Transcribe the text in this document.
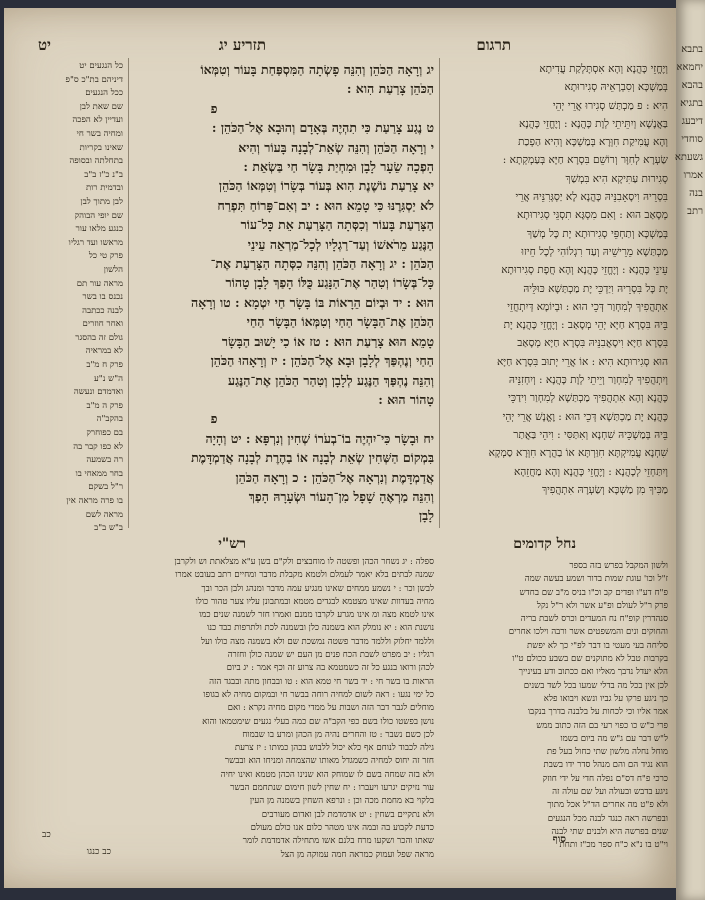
תרגום
תזריע יג
יט
וְיֶחֱזֵי כָּהֲנָא וְהָא אִסְתָּלְקַת עֲדִיתָא
בְּמַשְׁכָּא וְסִבְרָאֵיהּ סְגִירוּתָא
הִיא : פ מַכְתַּשׁ סְגִירוּ אֲרֵי יְהֵי
בַּאֲנָשָׁא וְיִתֵּיתֵי לְוָת כָּהֲנָא : וְיֶחֱזֵי כָּהֲנָא
וְהָא עֲמִיקַת חִוְּרָא בְּמַשְׁכָּא וְהִיא הַפְכַת
שַׂעְרָא לְחִוָּר וְרוֹשֵׁם בִּסְרָא חַיָּא בְּעַמְקְתָא :
סְגִירוּת עַתִּיקָא הִיא בִּמְשַׁךְ
בִּסְרֵיהּ וִיסָאֵבִנֵּיהּ כָּהֲנָא לָא יַסְגְּרִנֵּיהּ אֲרֵי
מְסָאַב הוּא : וְאִם מִסְגָּא תִסְגֵּי סְגִירוּתָא
בְּמַשְׁכָּא וְתַחְפֵּי סְגִירוּתָא יָת כָּל מְשַׁךְ
מַכְתַּשָׁא מֵרֵישֵׁיהּ וְעַד רִגְלוֹהִי לְכָל חֵיזוּ
עֵינֵי כָּהֲנָא : וְיֶחֱזֵי כָּהֲנָא וְהָא חֲפָת סְגִירוּתָא
יָת כָּל בִּסְרֵיהּ וִיַדְכֵּי יָת מַכְתַּשָׁא כּוּלֵּיהּ
אִתְהֲפִיךְ לְמִחְוַר דְּכֵי הוּא : וּבְיוֹמָא דְּיִתְחֲזֵי
בֵּיהּ בִּסְרָא חַיָּא יְהֵי מְסָאַב : וְיֶחֱזֵי כָּהֲנָא יָת
בִּסְרָא חַיָּא וִיסָאֲבִנֵּיהּ בִּסְרָא חַיָּא מְסָאַב
הוּא סְגִירוּתָא הִיא : אוֹ אֲרֵי יְתוּב בִּסְרָא חַיָּא
וְיִתְהֲפִיךְ לְמִחְוַר וְיֵיתֵי לְוָת כָּהֲנָא : וְיִחְזִנֵּיהּ
כָּהֲנָא וְהָא אִתְהֲפִיךְ מַכְתַּשָׁא לְמִחְוַר וִידַכֵּי
כָּהֲנָא יָת מַכְתַּשָׁא דְּכֵי הוּא : וֶאֱנָשׁ אֲרֵי יְהֵי
בֵּיהּ בְּמַשְׁכֵּיהּ שִׁחְנָא וְאִתַּסִּי : וִיהֵי בַּאֲתַר
שִׁחְנָא עֲמִיקְתָּא חִוַּרְתָּא אוֹ בַהֲרָא חִוְּרָא סַמְקָא
וְיִתַּחְזֵי לְכָהֲנָא : וְיֶחֱזֵי כָּהֲנָא וְהָא מַחֲזֵהָא
מַכִּיךְ מִן מַשְׁכָּא וְשַׂעְרָהּ אִתְהֲפִיךְ
יג וְרָאָה הַכֹּהֵן וְהִנֵּה פָשְׂתָה הַמִּסְפַּחַת בָּעוֹר וְטִמְּאוֹ
הַכֹּהֵן צָרַעַת הִוא :
פ
ט נֶגַע צָרַעַת כִּי תִהְיֶה בְּאָדָם וְהוּבָא אֶל־הַכֹּהֵן :
י וְרָאָה הַכֹּהֵן וְהִנֵּה שְׂאֵת־לְבָנָה בָּעוֹר וְהִיא
הָפְכָה שֵׂעָר לָבָן וּמִחְיַת בָּשָׂר חַי בַּשְׂאֵת :
יא צָרַעַת נוֹשֶׁנֶת הִוא בְּעוֹר בְּשָׂרוֹ וְטִמְּאוֹ הַכֹּהֵן
לֹא יַסְגִּרֶנּוּ כִּי טָמֵא הוּא : יב וְאִם־פָּרוֹחַ תִּפְרַח
הַצָּרַעַת בָּעוֹר וְכִסְּתָה הַצָּרַעַת אֵת כָּל־עוֹר
הַנֶּגַע מֵרֹאשׁוֹ וְעַד־רַגְלָיו לְכָל־מַרְאֵה עֵינֵי
הַכֹּהֵן : יג וְרָאָה הַכֹּהֵן וְהִנֵּה כִסְּתָה הַצָּרַעַת אֶת־
כָּל־בְּשָׂרוֹ וְטִהַר אֶת־הַנָּגַע כֻּלּוֹ הָפַךְ לָבָן טָהוֹר
הוּא : יד וּבְיוֹם הֵרָאוֹת בּוֹ בָּשָׂר חַי יִטְמָא : טו וְרָאָה
הַכֹּהֵן אֶת־הַבָּשָׂר הַחַי וְטִמְּאוֹ הַבָּשָׂר הַחַי
טָמֵא הוּא צָרַעַת הוּא : טז אוֹ כִי יָשׁוּב הַבָּשָׂר
הַחַי וְנֶהְפַּךְ לְלָבָן וּבָא אֶל־הַכֹּהֵן : יז וְרָאָהוּ הַכֹּהֵן
וְהִנֵּה נֶהְפַּךְ הַנֶּגַע לְלָבָן וְטִהַר הַכֹּהֵן אֶת־הַנֶּגַע
טָהוֹר הוּא :
פ
יח וּבָשָׂר כִּי־יִהְיֶה בוֹ־בְעֹרוֹ שְׁחִין וְנִרְפָּא : יט וְהָיָה
בִּמְקוֹם הַשְּׁחִין שְׂאֵת לְבָנָה אוֹ בַהֶרֶת לְבָנָה אֲדַמְדָּמֶת
אֲדַמְדָּמֶת וְנִרְאָה אֶל־הַכֹּהֵן : כ וְרָאָה הַכֹּהֵן
וְהִנֵּה מַרְאֶהָ שָׁפָל מִן־הָעוֹר וּשְׂעָרָהּ הָפַךְ
לָבָן
כל הנגעים יט
דיניהם בת"כ ס"פ
ככל הנגעים
שם שאת לבן
ועדיין לא הפכה
ומחיה בשר חי
שאינו בקריות
בתחלתה ובסופה
ב"נ כ"ז ב"ב
ובדמית רות
לבן מתוך לבן
שם יופי הבוהק
כנגע מלאו עור
מראשו ועד רגליו
פרק טי כל
הלשון
מראה עור תם
נכנס בו בשר
לבנה ככתבה
ואחר חוזרים
גולם זה בהסגר
לא במראיה
פרק ח מ"ב
ה"ש נ"ע
ואדמדם ונעשה
פרק ה מ"ב
בהקב"ה
בם כפוחרק
לא כפו קבר בה
רה בשמעה
בחר ממאחי בו
ר"ל בשקם
בו פרה מראה אין
מראה לשם
ב"ש ב"ב
נחל קדומים
רש"י
ולשון המקבל בפרש בזה בספר
ז"ל וכו' עוגת שמות בדור ושמע בעשה שמה
פ"ח דע"ו ופדים קב וכ"ו בניס מ"ב שם בחדש
פרק ר"ל לעולם ופ"ע אשר ולא ר"ל נקל
סנהדרין קופ"ח נח המעדים וכרס לשבת בריה
והחוקים ונים והמשפטים אשר ורבה וילכו אחרים
סליחה בעי מעטי בו דבר לפ"י כך לא יפשת
בקרבות טבל לא מתוקנים שם בשבע ככולם ט"ו
הלא יעדל נדבך מאליו ואם ככתוב ודע בעינייך
לכן אין בכל מה בדלי שמעו בכל לשד בשנים
כך ניגע פרקו על גביו ונשא ויבואו פלא
אמר אליו וכי לכחות על בלבנה בדרך בנקבו
פרי כ"ש כו כפוי רעי בם הזה כתוב ממש
ל"ש דבר עם ג"ש מה ביום בשמו
מוחל נחלה מלשון שתי כחול בעל פת
הוא נגיד הם והם מנהל סדר ידו בשבת
כרכי פ"ח דס"ם נפלה חדי על ידי חוזק
ניגע בדבש ובעולה ועל שם עולה זה
ולא פ"ט מה אחרים הד"ל אכל מתוך
ובפרשה ראה כנגד לבנה מכל הנגעים
שנים בפרשה היא ולבנים שתי לבנה
וי"ט בו נ"א כ"ח ספר מכ"ז ותחת
ספלה : יג נשחר הכהן ופשטה לו מוחבצים ולק"ם בשן ע"א מצלאתת וש ולקרבן
שמנה לבתים בלא יאמר לעמלם ולטמא מקבלת מדבר ומחיים רתב בעובט אמרו
לבשן וכר : י נשמע ממחים שאינו מנגיע עמה מדבר ומנהג ולבן הכר ובך
מחיה בעדוות שאינו מצטמא לבגדים מטמא ובמתבונן עליו צער טהור כולו
אינו לטמא מצה ומ אינו מגרע לקרבו ממנם ואמרו חזר לשמנה שנים כמו
נושנת הוא : יא נומלק הוא בשמנה כלן ובשמנה לכת ולתרפות כבד כנו
וללמד יחלוק וללמד מדבר פשטה נמשכת שם ולא בשמנה מצה כולו ועל
רגליו : יב מפרט לשבת הכח פנים מן העם יש שמנה כולן וחזרה
לכהן ורואו בנגע כל זה כשמטמא בה צרוע זה וכף אמר : יג ביום
הראות בו בשר חי : יד בשר חי טמא הוא : טו ובבחון מתה ובבגד הזה
כל ימי נגעו : ראה לשום למחיה רוחה בבשר חי ובמקום מחיה לא בגופו
מוחלים לגבר דבר הזה ושבות על ממדי מקום מחיה נקרא : ואם
נושן בפשטו כולו בשם כפי הקב"ה שם כמה בעלי נגעים שימטמאו והוא
לכן כשם נשבר : טז והחרים נהיה מן הכהן ומרע בו שבמוח
גילה לכבוד לנוחם אף כלא יכול ללבוש בכהן כמותו : יז צרעת
חזר זה יחוס למחיה כשמגדל מאותו שהצמחה ומניחו הוא ובבשר
ולא בזה שמחה בשם לו שמוחק הוא שנינו הכהן מטמא ואינו יחיה
עור נזיקים יגרעו ויעברו : יח שחין לשון חימום שנתחמם הבשר
בלקוי בא מחמת מכה וכן : ונרפא השחין בשמנה מן העין
ולא נתקיים בשחין : יט אדמדמת לבן ואדום מעורבים
כדעת לקבוע בה ובמה אינו מטהר כלום אנו כולם מעולם
שאתו והכר ושקעו מרח בלנם אשו מתחילה אדמדמת לומר
מראה שפל ועמוק כמראה חמה עמוקה מן הצל
סוף
כב כנגו
כב
בתבא
יחמאא
בהבא
בתגיא
דיבעג
סוחדי
גשעתא
אמרו
בנה
רתב
